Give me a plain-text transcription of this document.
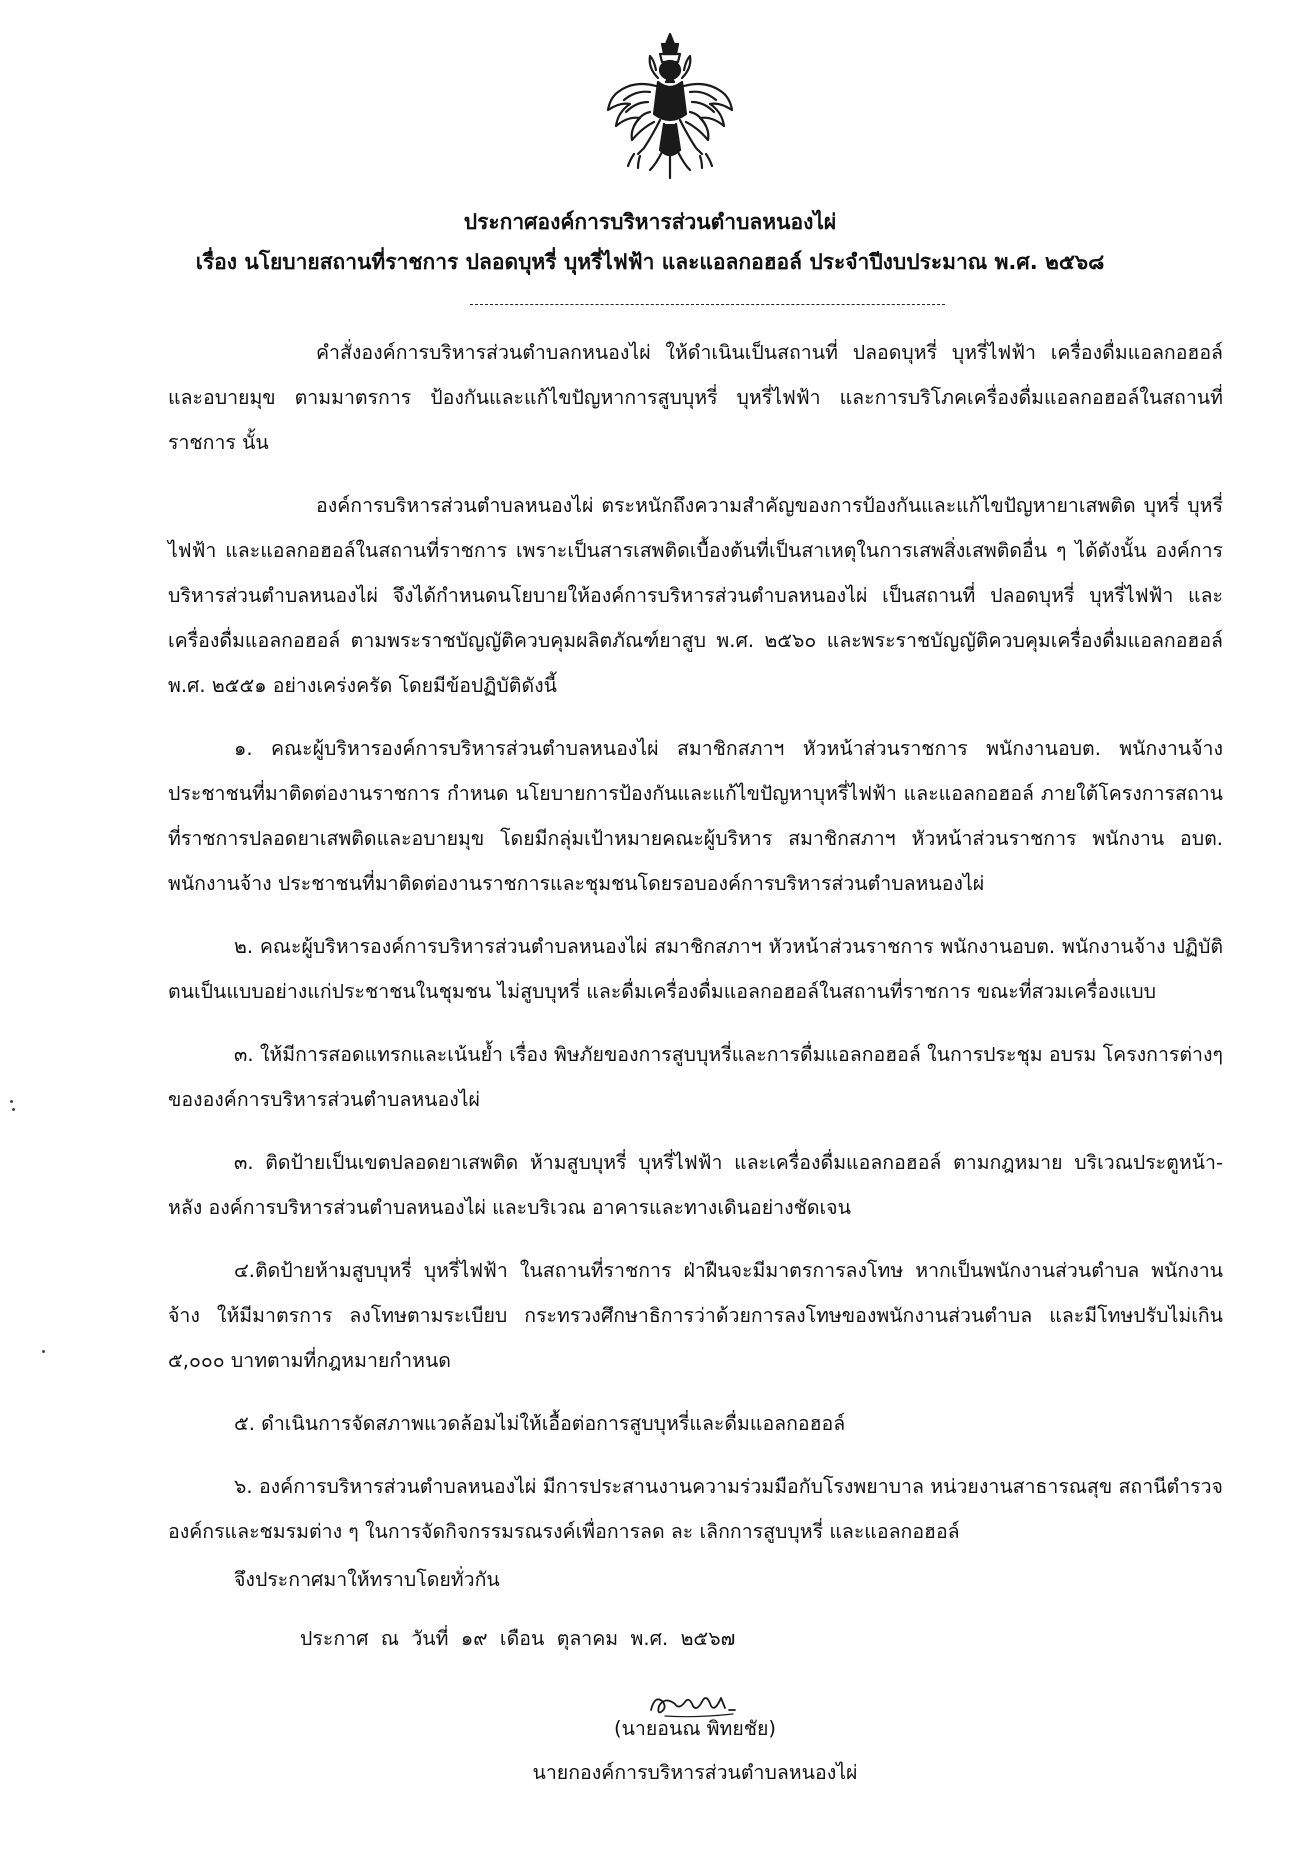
ประกาศองค์การบริหารส่วนตำบลหนองไผ่
เรื่อง นโยบายสถานที่ราชการ ปลอดบุหรี่ บุหรี่ไฟฟ้า และแอลกอฮอล์ ประจำปีงบประมาณ พ.ศ. ๒๕๖๘

คำสั่งองค์การบริหารส่วนตำบลกหนองไผ่ ให้ดำเนินเป็นสถานที่ ปลอดบุหรี่ บุหรี่ไฟฟ้า เครื่องดื่มแอลกอฮอล์ และอบายมุข ตามมาตรการ ป้องกันและแก้ไขปัญหาการสูบบุหรี่ บุหรี่ไฟฟ้า และการบริโภคเครื่องดื่มแอลกอฮอล์ในสถานที่ราชการ นั้น

องค์การบริหารส่วนตำบลหนองไผ่ ตระหนักถึงความสำคัญของการป้องกันและแก้ไขปัญหายาเสพติด บุหรี่ บุหรี่ไฟฟ้า และแอลกอฮอล์ในสถานที่ราชการ เพราะเป็นสารเสพติดเบื้องต้นที่เป็นสาเหตุในการเสพสิ่งเสพติดอื่น ๆ ได้ดังนั้น องค์การบริหารส่วนตำบลหนองไผ่ จึงได้กำหนดนโยบายให้องค์การบริหารส่วนตำบลหนองไผ่ เป็นสถานที่ ปลอดบุหรี่ บุหรี่ไฟฟ้า และเครื่องดื่มแอลกอฮอล์ ตามพระราชบัญญัติควบคุมผลิตภัณฑ์ยาสูบ พ.ศ. ๒๕๖๐ และพระราชบัญญัติควบคุมเครื่องดื่มแอลกอฮอล์ พ.ศ. ๒๕๕๑ อย่างเคร่งครัด โดยมีข้อปฏิบัติดังนี้

๑. คณะผู้บริหารองค์การบริหารส่วนตำบลหนองไผ่ สมาชิกสภาฯ หัวหน้าส่วนราชการ พนักงานอบต. พนักงานจ้าง ประชาชนที่มาติดต่องานราชการ กำหนด นโยบายการป้องกันและแก้ไขปัญหาบุหรี่ไฟฟ้า และแอลกอฮอล์ ภายใต้โครงการสถานที่ราชการปลอดยาเสพติดและอบายมุข โดยมีกลุ่มเป้าหมายคณะผู้บริหาร สมาชิกสภาฯ หัวหน้าส่วนราชการ พนักงาน อบต. พนักงานจ้าง ประชาชนที่มาติดต่องานราชการและชุมชนโดยรอบองค์การบริหารส่วนตำบลหนองไผ่

๒. คณะผู้บริหารองค์การบริหารส่วนตำบลหนองไผ่ สมาชิกสภาฯ หัวหน้าส่วนราชการ พนักงานอบต. พนักงานจ้าง ปฏิบัติตนเป็นแบบอย่างแก่ประชาชนในชุมชน ไม่สูบบุหรี่ และดื่มเครื่องดื่มแอลกอฮอล์ในสถานที่ราชการ ขณะที่สวมเครื่องแบบ

๓. ให้มีการสอดแทรกและเน้นย้ำ เรื่อง พิษภัยของการสูบบุหรี่และการดื่มแอลกอฮอล์ ในการประชุม อบรม โครงการต่างๆ ขององค์การบริหารส่วนตำบลหนองไผ่

๓. ติดป้ายเป็นเขตปลอดยาเสพติด ห้ามสูบบุหรี่ บุหรี่ไฟฟ้า และเครื่องดื่มแอลกอฮอล์ ตามกฎหมาย บริเวณประตูหน้า-หลัง องค์การบริหารส่วนตำบลหนองไผ่ และบริเวณ อาคารและทางเดินอย่างชัดเจน

๔.ติดป้ายห้ามสูบบุหรี่ บุหรี่ไฟฟ้า ในสถานที่ราชการ ฝ่าฝืนจะมีมาตรการลงโทษ หากเป็นพนักงานส่วนตำบล พนักงานจ้าง ให้มีมาตรการ ลงโทษตามระเบียบ กระทรวงศึกษาธิการว่าด้วยการลงโทษของพนักงานส่วนตำบล และมีโทษปรับไม่เกิน ๕,๐๐๐ บาทตามที่กฎหมายกำหนด

๕. ดำเนินการจัดสภาพแวดล้อมไม่ให้เอื้อต่อการสูบบุหรี่และดื่มแอลกอฮอล์

๖. องค์การบริหารส่วนตำบลหนองไผ่ มีการประสานงานความร่วมมือกับโรงพยาบาล หน่วยงานสาธารณสุข สถานีตำรวจ องค์กรและชมรมต่าง ๆ ในการจัดกิจกรรมรณรงค์เพื่อการลด ละ เลิกการสูบบุหรี่ และแอลกอฮอล์

จึงประกาศมาให้ทราบโดยทั่วกัน
ประกาศ  ณ  วันที่  ๑๙  เดือน  ตุลาคม  พ.ศ.  ๒๕๖๗
(นายอนณ พิทยชัย)
นายกองค์การบริหารส่วนตำบลหนองไผ่
